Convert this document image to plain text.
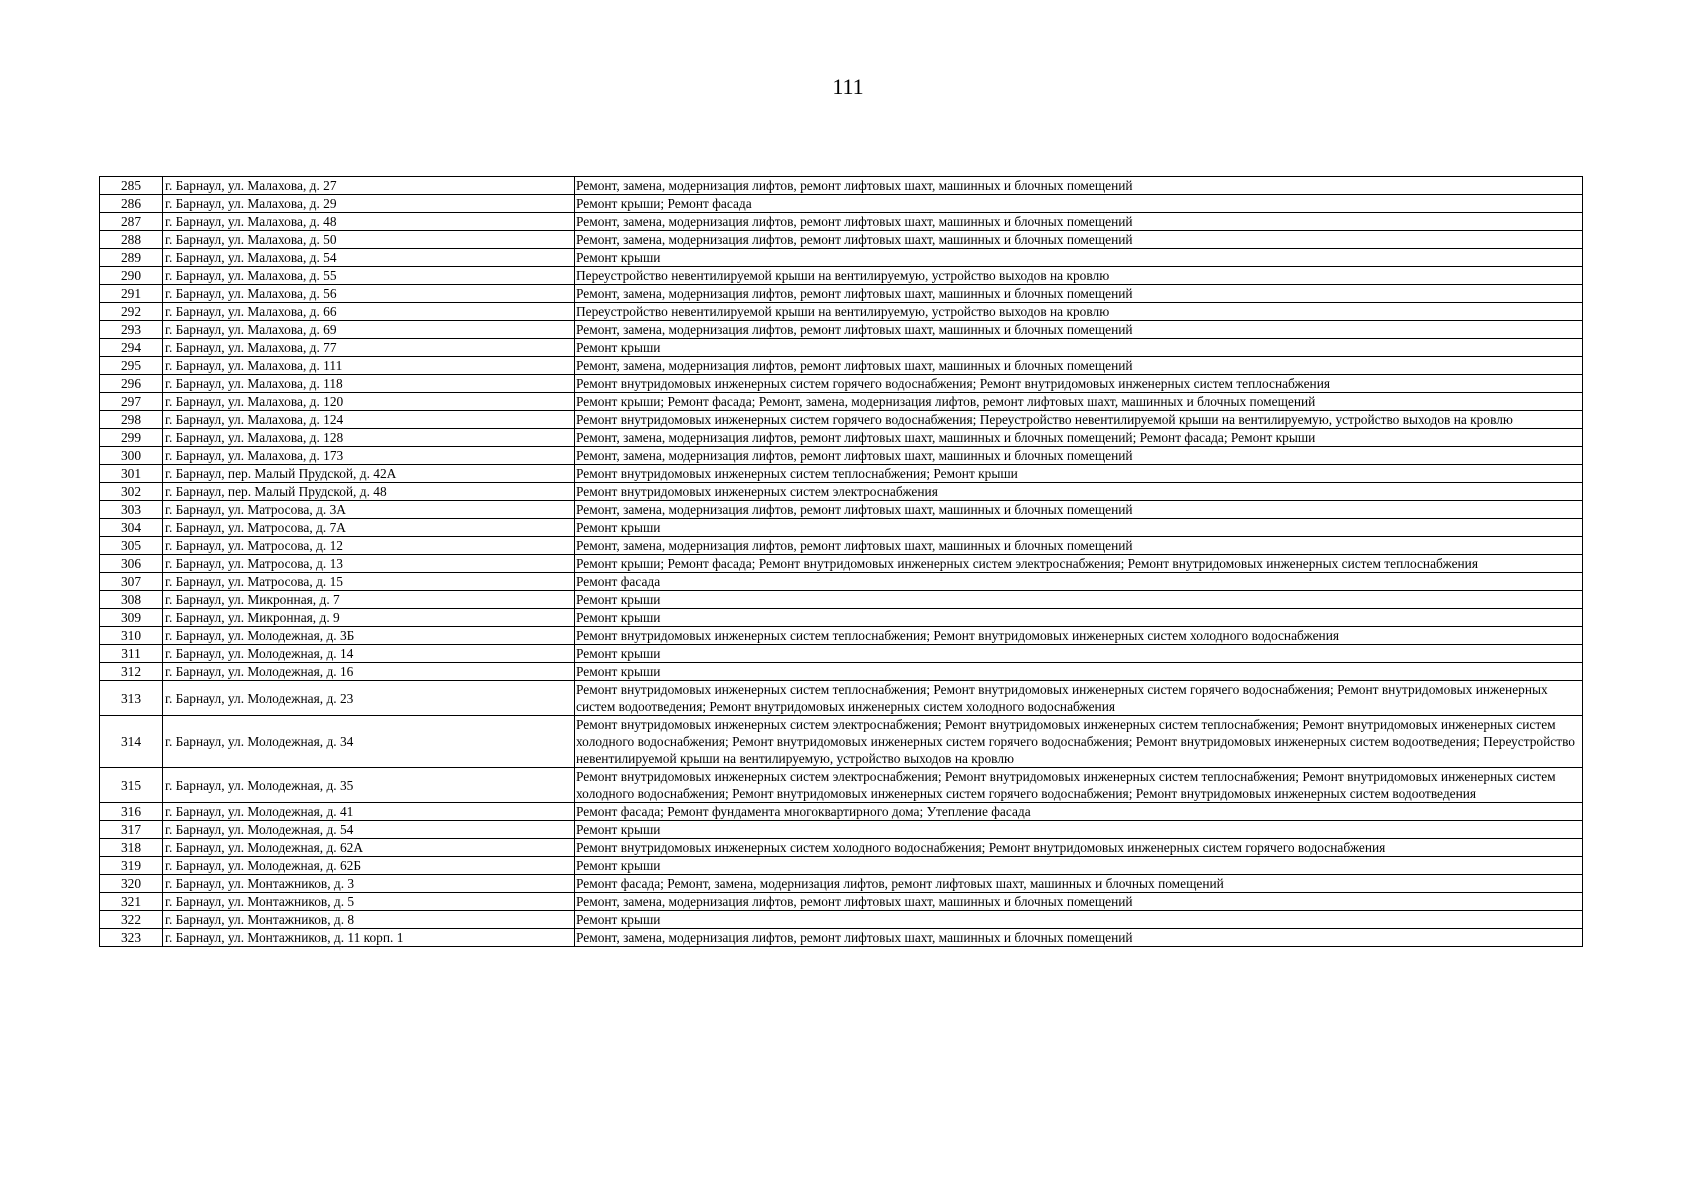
111
285	г. Барнаул, ул. Малахова, д. 27	Ремонт, замена, модернизация лифтов, ремонт лифтовых шахт, машинных и блочных помещений
286	г. Барнаул, ул. Малахова, д. 29	Ремонт крыши; Ремонт фасада
287	г. Барнаул, ул. Малахова, д. 48	Ремонт, замена, модернизация лифтов, ремонт лифтовых шахт, машинных и блочных помещений
288	г. Барнаул, ул. Малахова, д. 50	Ремонт, замена, модернизация лифтов, ремонт лифтовых шахт, машинных и блочных помещений
289	г. Барнаул, ул. Малахова, д. 54	Ремонт крыши
290	г. Барнаул, ул. Малахова, д. 55	Переустройство невентилируемой крыши на вентилируемую, устройство выходов на кровлю
291	г. Барнаул, ул. Малахова, д. 56	Ремонт, замена, модернизация лифтов, ремонт лифтовых шахт, машинных и блочных помещений
292	г. Барнаул, ул. Малахова, д. 66	Переустройство невентилируемой крыши на вентилируемую, устройство выходов на кровлю
293	г. Барнаул, ул. Малахова, д. 69	Ремонт, замена, модернизация лифтов, ремонт лифтовых шахт, машинных и блочных помещений
294	г. Барнаул, ул. Малахова, д. 77	Ремонт крыши
295	г. Барнаул, ул. Малахова, д. 111	Ремонт, замена, модернизация лифтов, ремонт лифтовых шахт, машинных и блочных помещений
296	г. Барнаул, ул. Малахова, д. 118	Ремонт внутридомовых инженерных систем горячего водоснабжения; Ремонт внутридомовых инженерных систем теплоснабжения
297	г. Барнаул, ул. Малахова, д. 120	Ремонт крыши; Ремонт фасада; Ремонт, замена, модернизация лифтов, ремонт лифтовых шахт, машинных и блочных помещений
298	г. Барнаул, ул. Малахова, д. 124	Ремонт внутридомовых инженерных систем горячего водоснабжения; Переустройство невентилируемой крыши на вентилируемую, устройство выходов на кровлю
299	г. Барнаул, ул. Малахова, д. 128	Ремонт, замена, модернизация лифтов, ремонт лифтовых шахт, машинных и блочных помещений; Ремонт фасада; Ремонт крыши
300	г. Барнаул, ул. Малахова, д. 173	Ремонт, замена, модернизация лифтов, ремонт лифтовых шахт, машинных и блочных помещений
301	г. Барнаул, пер. Малый Прудской, д. 42А	Ремонт внутридомовых инженерных систем теплоснабжения; Ремонт крыши
302	г. Барнаул, пер. Малый Прудской, д. 48	Ремонт внутридомовых инженерных систем электроснабжения
303	г. Барнаул, ул. Матросова, д. 3А	Ремонт, замена, модернизация лифтов, ремонт лифтовых шахт, машинных и блочных помещений
304	г. Барнаул, ул. Матросова, д. 7А	Ремонт крыши
305	г. Барнаул, ул. Матросова, д. 12	Ремонт, замена, модернизация лифтов, ремонт лифтовых шахт, машинных и блочных помещений
306	г. Барнаул, ул. Матросова, д. 13	Ремонт крыши; Ремонт фасада; Ремонт внутридомовых инженерных систем электроснабжения; Ремонт внутридомовых инженерных систем теплоснабжения
307	г. Барнаул, ул. Матросова, д. 15	Ремонт фасада
308	г. Барнаул, ул. Микронная, д. 7	Ремонт крыши
309	г. Барнаул, ул. Микронная, д. 9	Ремонт крыши
310	г. Барнаул, ул. Молодежная, д. 3Б	Ремонт внутридомовых инженерных систем теплоснабжения; Ремонт внутридомовых инженерных систем холодного водоснабжения
311	г. Барнаул, ул. Молодежная, д. 14	Ремонт крыши
312	г. Барнаул, ул. Молодежная, д. 16	Ремонт крыши
313	г. Барнаул, ул. Молодежная, д. 23	Ремонт внутридомовых инженерных систем теплоснабжения; Ремонт внутридомовых инженерных систем горячего водоснабжения; Ремонт внутридомовых инженерных систем водоотведения; Ремонт внутридомовых инженерных систем холодного водоснабжения
314	г. Барнаул, ул. Молодежная, д. 34	Ремонт внутридомовых инженерных систем электроснабжения; Ремонт внутридомовых инженерных систем теплоснабжения; Ремонт внутридомовых инженерных систем холодного водоснабжения; Ремонт внутридомовых инженерных систем горячего водоснабжения; Ремонт внутридомовых инженерных систем водоотведения; Переустройство невентилируемой крыши на вентилируемую, устройство выходов на кровлю
315	г. Барнаул, ул. Молодежная, д. 35	Ремонт внутридомовых инженерных систем электроснабжения; Ремонт внутридомовых инженерных систем теплоснабжения; Ремонт внутридомовых инженерных систем холодного водоснабжения; Ремонт внутридомовых инженерных систем горячего водоснабжения; Ремонт внутридомовых инженерных систем водоотведения
316	г. Барнаул, ул. Молодежная, д. 41	Ремонт фасада; Ремонт фундамента многоквартирного дома; Утепление фасада
317	г. Барнаул, ул. Молодежная, д. 54	Ремонт крыши
318	г. Барнаул, ул. Молодежная, д. 62А	Ремонт внутридомовых инженерных систем холодного водоснабжения; Ремонт внутридомовых инженерных систем горячего водоснабжения
319	г. Барнаул, ул. Молодежная, д. 62Б	Ремонт крыши
320	г. Барнаул, ул. Монтажников, д. 3	Ремонт фасада; Ремонт, замена, модернизация лифтов, ремонт лифтовых шахт, машинных и блочных помещений
321	г. Барнаул, ул. Монтажников, д. 5	Ремонт, замена, модернизация лифтов, ремонт лифтовых шахт, машинных и блочных помещений
322	г. Барнаул, ул. Монтажников, д. 8	Ремонт крыши
323	г. Барнаул, ул. Монтажников, д. 11 корп. 1	Ремонт, замена, модернизация лифтов, ремонт лифтовых шахт, машинных и блочных помещений
